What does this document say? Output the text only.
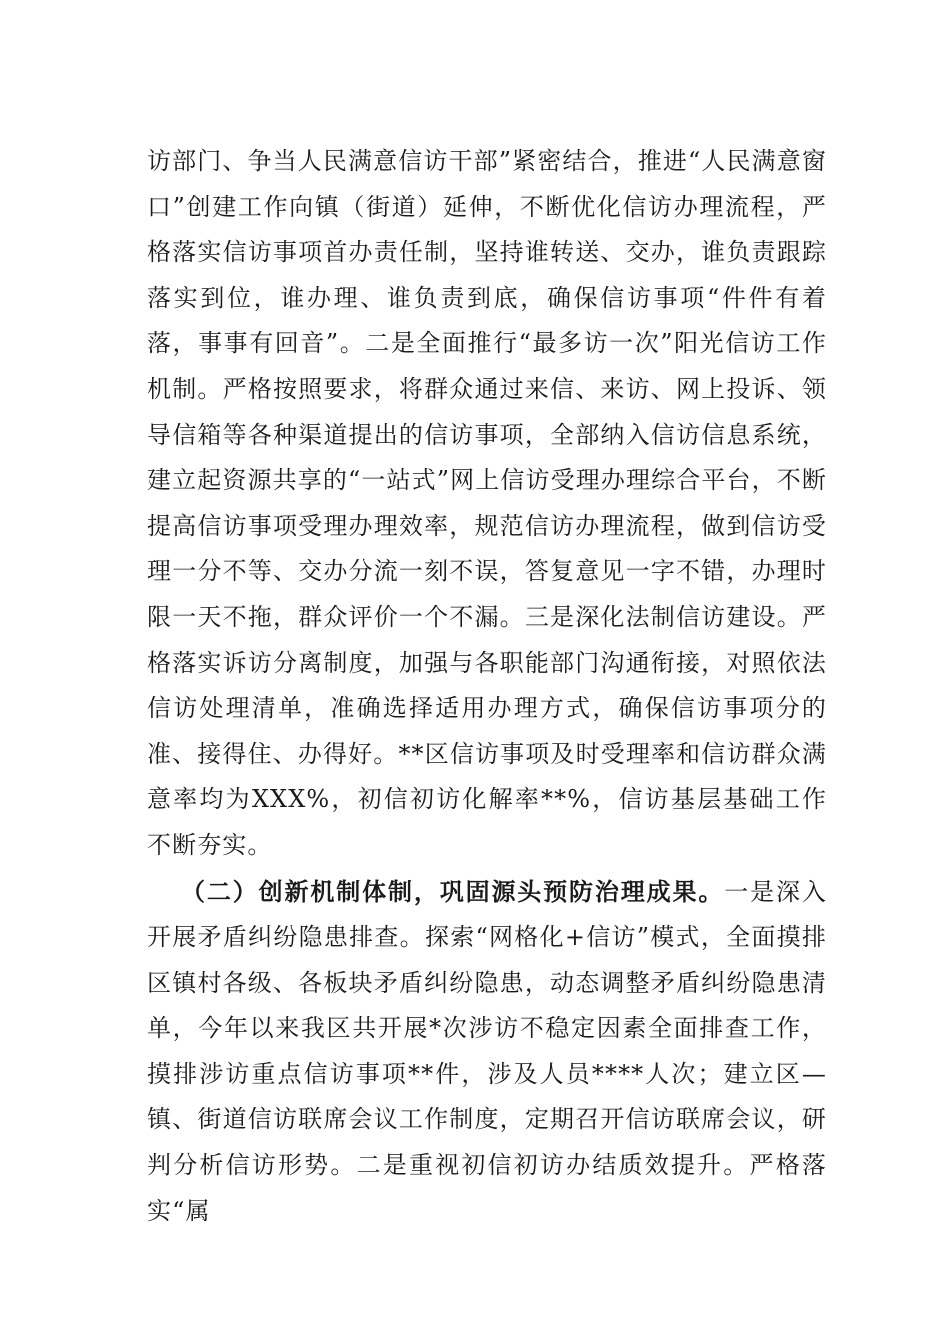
访部门、争当人民满意信访干部”紧密结合，推进“人民满意窗口”创建工作向镇（街道）延伸，不断优化信访办理流程，严格落实信访事项首办责任制，坚持谁转送、交办，谁负责跟踪落实到位，谁办理、谁负责到底，确保信访事项“件件有着落，事事有回音”。二是全面推行“最多访一次”阳光信访工作机制。严格按照要求，将群众通过来信、来访、网上投诉、领导信箱等各种渠道提出的信访事项，全部纳入信访信息系统，建立起资源共享的“一站式”网上信访受理办理综合平台，不断提高信访事项受理办理效率，规范信访办理流程，做到信访受理一分不等、交办分流一刻不误，答复意见一字不错，办理时限一天不拖，群众评价一个不漏。三是深化法制信访建设。严格落实诉访分离制度，加强与各职能部门沟通衔接，对照依法信访处理清单，准确选择适用办理方式，确保信访事项分的准、接得住、办得好。**区信访事项及时受理率和信访群众满意率均为XXX%，初信初访化解率**%，信访基层基础工作不断夯实。

（二）创新机制体制，巩固源头预防治理成果。一是深入开展矛盾纠纷隐患排查。探索“网格化+信访”模式，全面摸排区镇村各级、各板块矛盾纠纷隐患，动态调整矛盾纠纷隐患清单，今年以来我区共开展*次涉访不稳定因素全面排查工作，摸排涉访重点信访事项**件，涉及人员****人次；建立区—镇、街道信访联席会议工作制度，定期召开信访联席会议，研判分析信访形势。二是重视初信初访办结质效提升。严格落实“属
